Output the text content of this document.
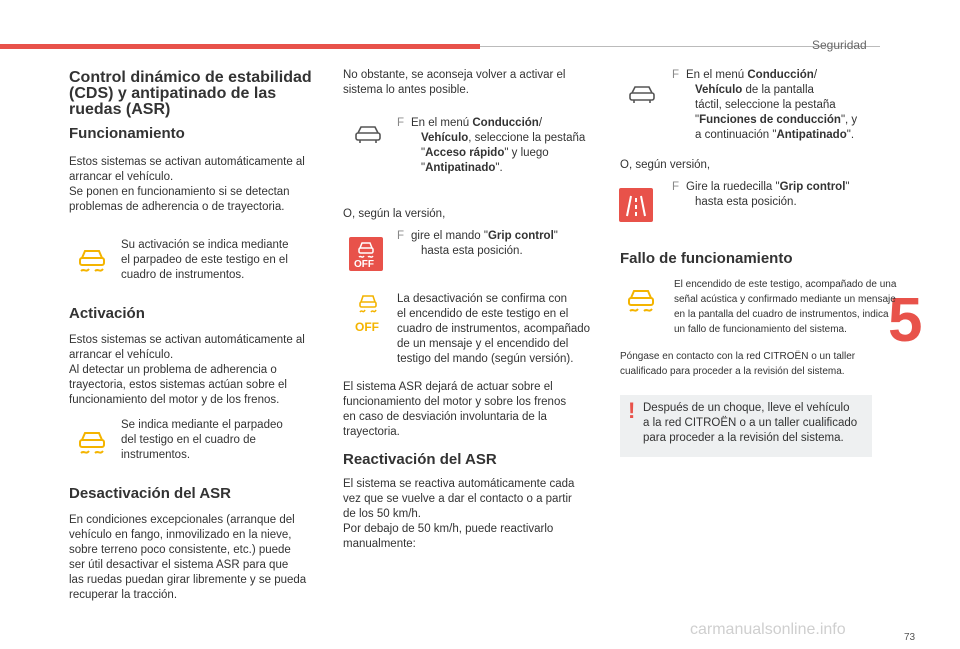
Seguridad
5
73
carmanualsonline.info
Control dinámico de estabilidad
(CDS) y antipatinado de las
ruedas (ASR)
Funcionamiento
Estos sistemas se activan automáticamente al
arrancar el vehículo.
Se ponen en funcionamiento si se detectan
problemas de adherencia o de trayectoria.
Su activación se indica mediante
el parpadeo de este testigo en el
cuadro de instrumentos.
Activación
Estos sistemas se activan automáticamente al
arrancar el vehículo.
Al detectar un problema de adherencia o
trayectoria, estos sistemas actúan sobre el
funcionamiento del motor y de los frenos.
Se indica mediante el parpadeo
del testigo en el cuadro de
instrumentos.
Desactivación del ASR
En condiciones excepcionales (arranque del
vehículo en fango, inmovilizado en la nieve,
sobre terreno poco consistente, etc.) puede
ser útil desactivar el sistema ASR para que
las ruedas puedan girar libremente y se pueda
recuperar la tracción.
No obstante, se aconseja volver a activar el
sistema lo antes posible.
F En el menú Conducción/
Vehículo, seleccione la pestaña
"Acceso rápido" y luego
"Antipatinado".
O, según la versión,
OFF
F gire el mando "Grip control"
hasta esta posición.
OFF
La desactivación se confirma con
el encendido de este testigo en el
cuadro de instrumentos, acompañado
de un mensaje y el encendido del
testigo del mando (según versión).
El sistema ASR dejará de actuar sobre el
funcionamiento del motor y sobre los frenos
en caso de desviación involuntaria de la
trayectoria.
Reactivación del ASR
El sistema se reactiva automáticamente cada
vez que se vuelve a dar el contacto o a partir
de los 50 km/h.
Por debajo de 50 km/h, puede reactivarlo
manualmente:
F En el menú Conducción/
Vehículo de la pantalla
táctil, seleccione la pestaña
"Funciones de conducción", y
a continuación "Antipatinado".
O, según versión,
F Gire la ruedecilla "Grip control"
hasta esta posición.
Fallo de funcionamiento
El encendido de este testigo, acompañado de una
señal acústica y confirmado mediante un mensaje
en la pantalla del cuadro de instrumentos, indica
un fallo de funcionamiento del sistema.
Póngase en contacto con la red CITROËN o un taller
cualificado para proceder a la revisión del sistema.
! Después de un choque, lleve el vehículo
a la red CITROËN o a un taller cualificado
para proceder a la revisión del sistema.
